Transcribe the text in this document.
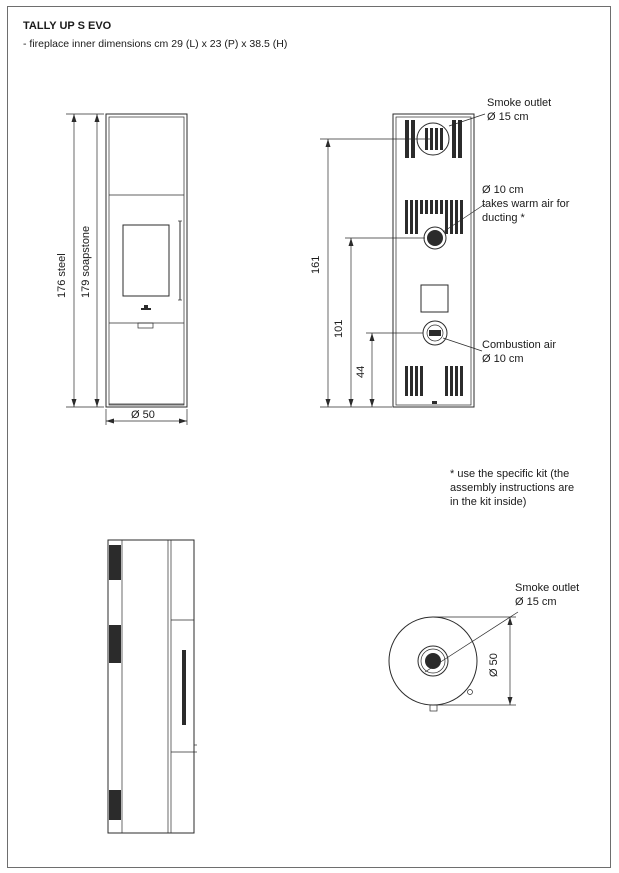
TALLY UP S EVO
- fireplace inner dimensions cm 29 (L) x 23 (P) x 38.5 (H)
176 steel 179 soapstone
Ø 50
161
101
44
Smoke outlet
Ø 15 cm
Ø 10 cm
takes warm air for
ducting *
Combustion air
Ø 10 cm
* use the specific kit (the
assembly instructions are
in the kit inside)
Smoke outlet
Ø 15 cm
Ø 50
